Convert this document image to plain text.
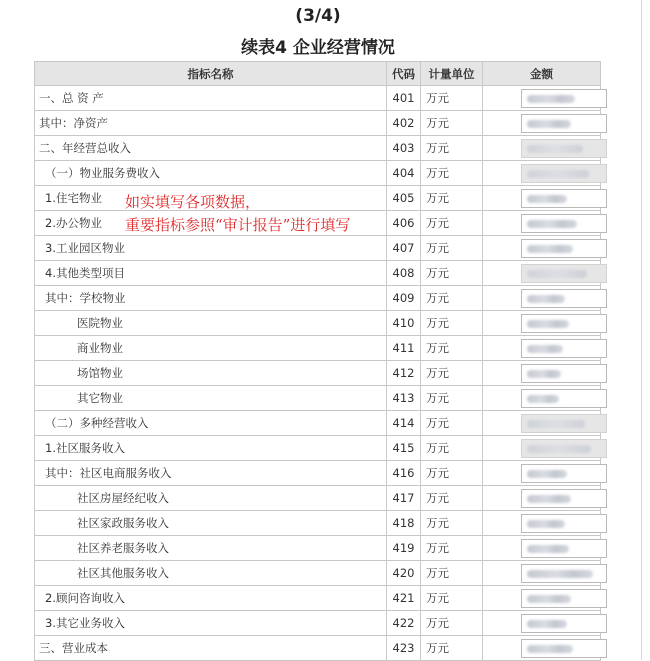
(3/4)
续表4 企业经营情况
指标名称	代码	计量单位	金额
一、总 资 产	401	万元	

其中：净资产	402	万元	

二、年经营总收入	403	万元	

（一）物业服务费收入	404	万元	

1.住宅物业	405	万元	

2.办公物业	406	万元	

3.工业园区物业	407	万元	

4.其他类型项目	408	万元	

其中：学校物业	409	万元	

医院物业	410	万元	

商业物业	411	万元	

场馆物业	412	万元	

其它物业	413	万元	

（二）多种经营收入	414	万元	

1.社区服务收入	415	万元	

其中：社区电商服务收入	416	万元	

社区房屋经纪收入	417	万元	

社区家政服务收入	418	万元	

社区养老服务收入	419	万元	

社区其他服务收入	420	万元	

2.顾问咨询收入	421	万元	

3.其它业务收入	422	万元	

三、营业成本	423	万元	
如实填写各项数据，
重要指标参照“审计报告”进行填写
